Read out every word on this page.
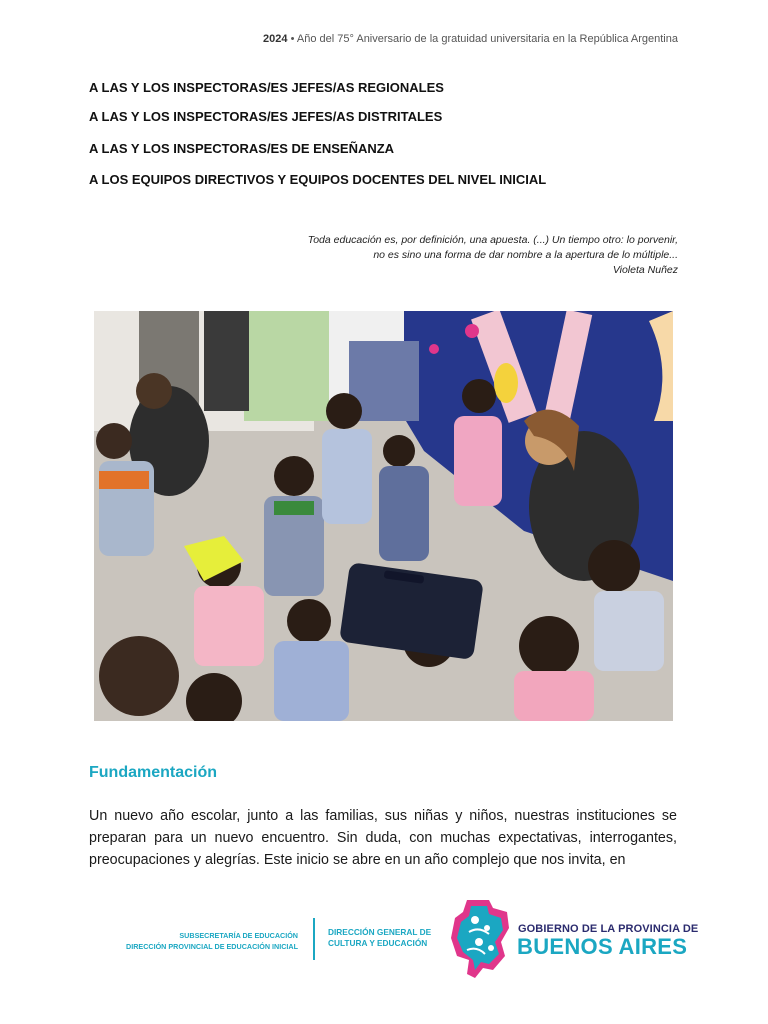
2024 • Año del 75° Aniversario de la gratuidad universitaria en la República Argentina

A LAS Y LOS INSPECTORAS/ES JEFES/AS REGIONALES

A LAS Y LOS INSPECTORAS/ES JEFES/AS DISTRITALES

A LAS Y LOS INSPECTORAS/ES DE ENSEÑANZA

A LOS EQUIPOS DIRECTIVOS Y EQUIPOS DOCENTES DEL NIVEL INICIAL

Toda educación es, por definición, una apuesta. (...) Un tiempo otro: lo porvenir,
no es sino una forma de dar nombre a la apertura de lo múltiple...
Violeta Nuñez
Fundamentación

Un nuevo año escolar, junto a las familias, sus niñas y niños, nuestras instituciones se preparan para un nuevo encuentro. Sin duda, con muchas expectativas, interrogantes, preocupaciones y alegrías. Este inicio se abre en un año complejo que nos invita, en

SUBSECRETARÍA DE EDUCACIÓN
DIRECCIÓN PROVINCIAL DE EDUCACIÓN INICIAL
DIRECCIÓN GENERAL DE
CULTURA Y EDUCACIÓN
GOBIERNO DE LA PROVINCIA DE
BUENOS AIRES
